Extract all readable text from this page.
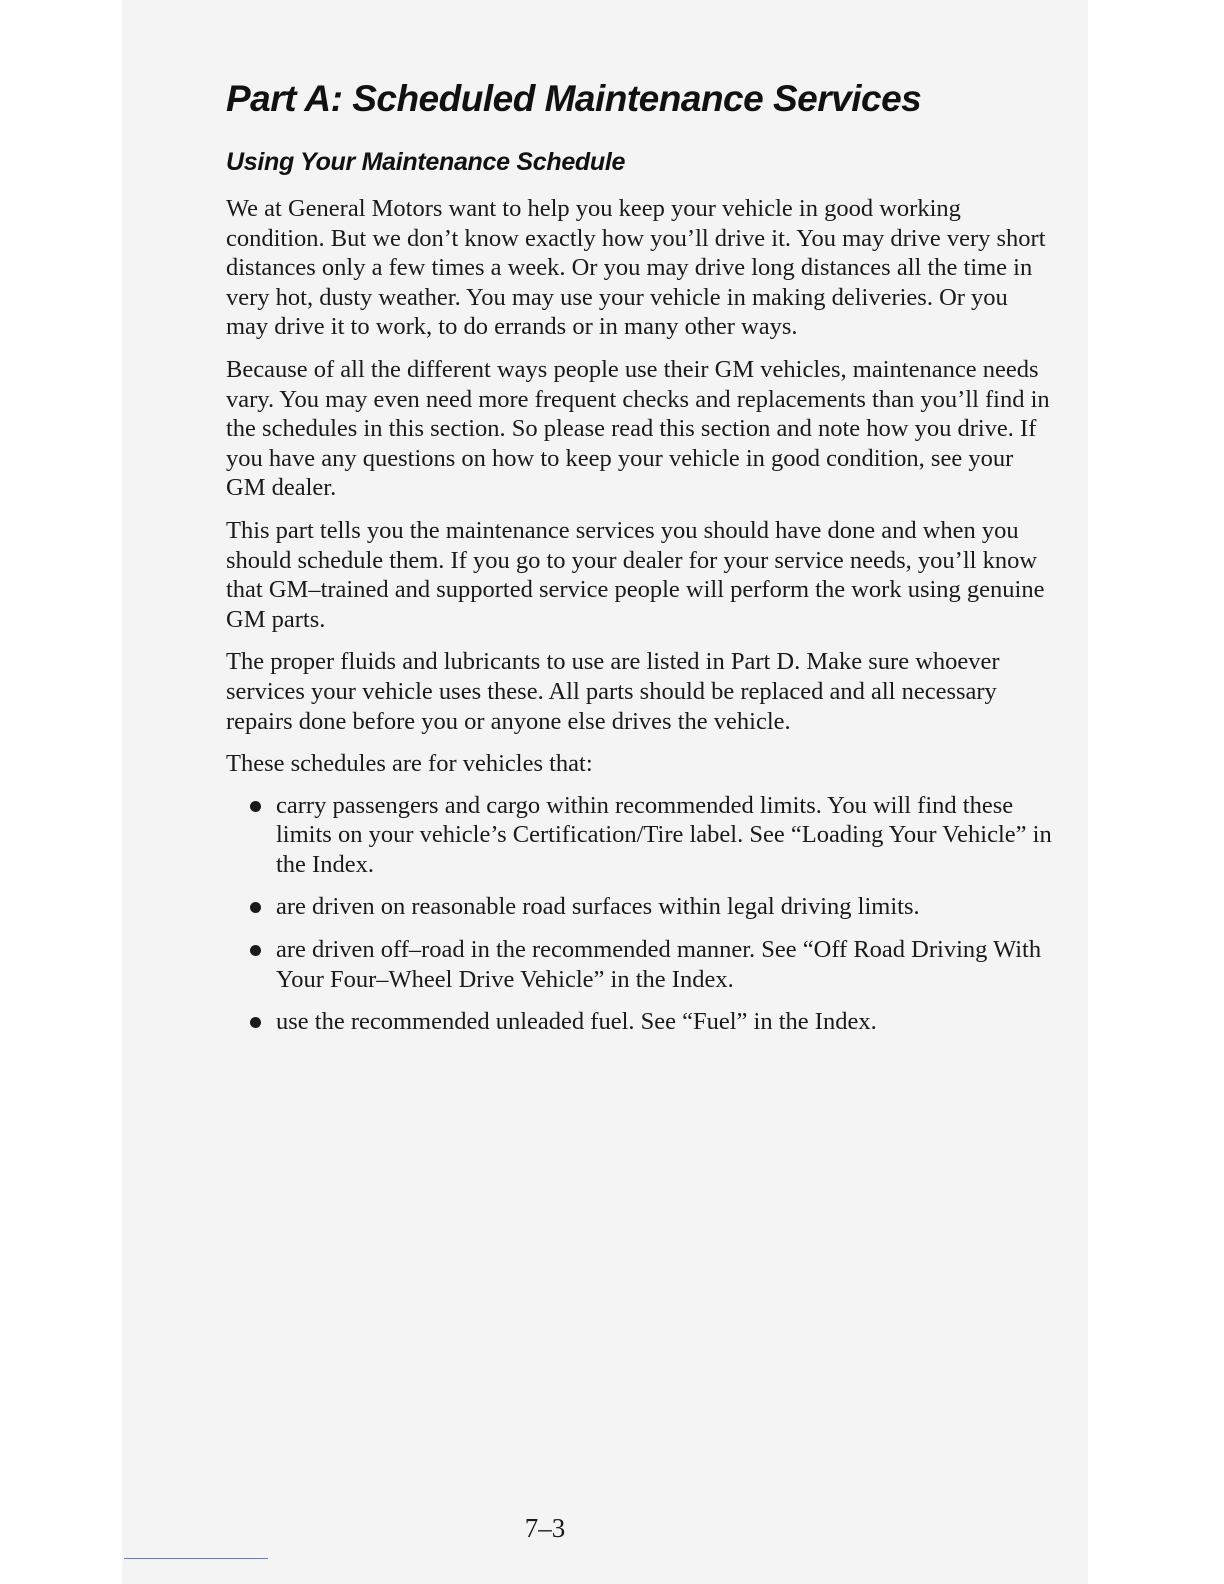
Part A: Scheduled Maintenance Services
Using Your Maintenance Schedule

We at General Motors want to help you keep your vehicle in good working condition. But we don’t know exactly how you’ll drive it. You may drive very short distances only a few times a week. Or you may drive long distances all the time in very hot, dusty weather. You may use your vehicle in making deliveries. Or you may drive it to work, to do errands or in many other ways.

Because of all the different ways people use their GM vehicles, maintenance needs vary. You may even need more frequent checks and replacements than you’ll find in the schedules in this section. So please read this section and note how you drive. If you have any questions on how to keep your vehicle in good condition, see your GM dealer.

This part tells you the maintenance services you should have done and when you should schedule them. If you go to your dealer for your service needs, you’ll know that GM–trained and supported service people will perform the work using genuine GM parts.

The proper fluids and lubricants to use are listed in Part D. Make sure whoever services your vehicle uses these. All parts should be replaced and all necessary repairs done before you or anyone else drives the vehicle.

These schedules are for vehicles that:

carry passengers and cargo within recommended limits. You will find these limits on your vehicle’s Certification/Tire label. See “Loading Your Vehicle” in the Index.
are driven on reasonable road surfaces within legal driving limits.
are driven off–road in the recommended manner. See “Off Road Driving With Your Four–Wheel Drive Vehicle” in the Index.
use the recommended unleaded fuel. See “Fuel” in the Index.
7–3
